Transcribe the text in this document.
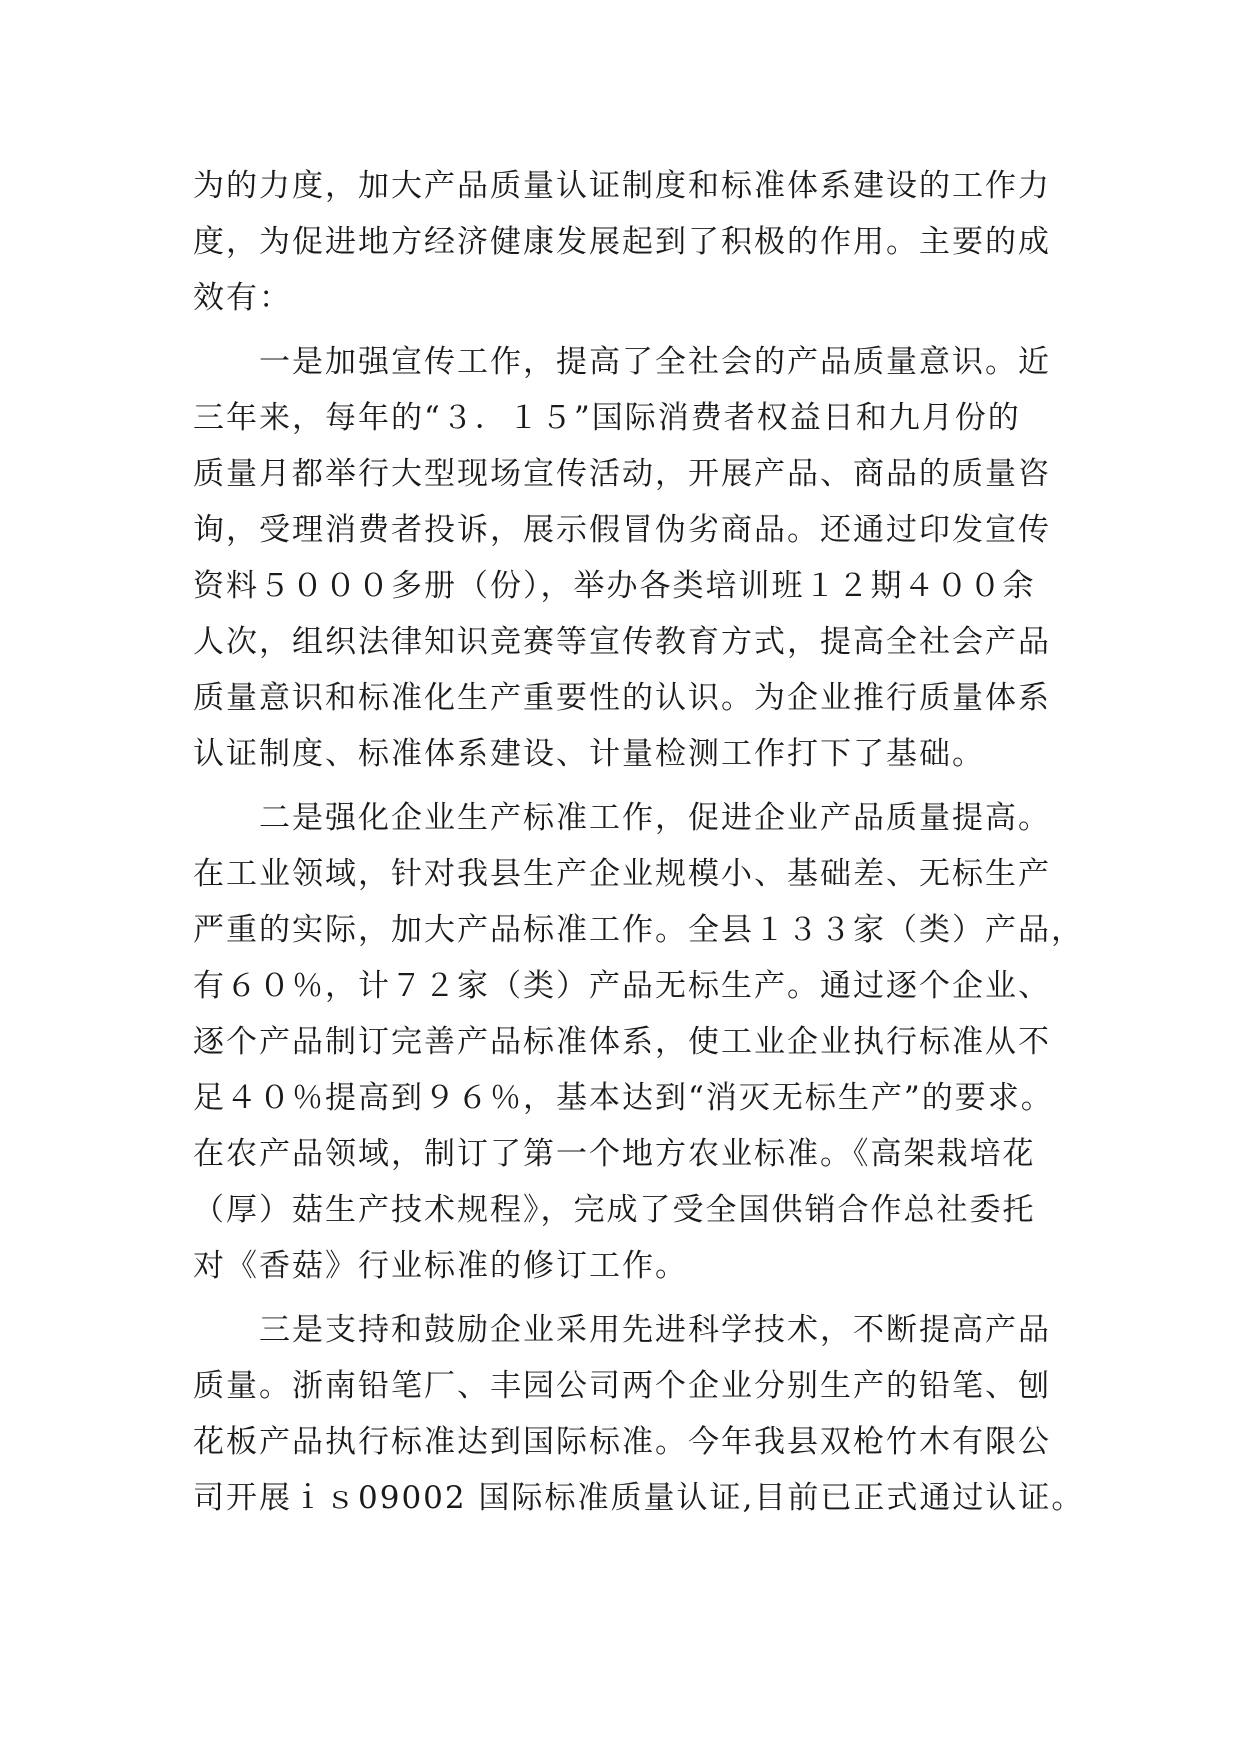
为的力度，加大产品质量认证制度和标准体系建设的工作力
度，为促进地方经济健康发展起到了积极的作用。主要的成
效有：
　　一是加强宣传工作，提高了全社会的产品质量意识。近
三年来，每年的“３．１５”国际消费者权益日和九月份的
质量月都举行大型现场宣传活动，开展产品、商品的质量咨
询，受理消费者投诉，展示假冒伪劣商品。还通过印发宣传
资料５０００多册（份），举办各类培训班１２期４００余
人次，组织法律知识竞赛等宣传教育方式，提高全社会产品
质量意识和标准化生产重要性的认识。为企业推行质量体系
认证制度、标准体系建设、计量检测工作打下了基础。
　　二是强化企业生产标准工作，促进企业产品质量提高。
在工业领域，针对我县生产企业规模小、基础差、无标生产
严重的实际，加大产品标准工作。全县１３３家（类）产品，
有６０％，计７２家（类）产品无标生产。通过逐个企业、
逐个产品制订完善产品标准体系，使工业企业执行标准从不
足４０％提高到９６％，基本达到“消灭无标生产”的要求。
在农产品领域，制订了第一个地方农业标准。《高架栽培花
（厚）菇生产技术规程》，完成了受全国供销合作总社委托
对《香菇》行业标准的修订工作。
　　三是支持和鼓励企业采用先进科学技术，不断提高产品
质量。浙南铅笔厂、丰园公司两个企业分别生产的铅笔、刨
花板产品执行标准达到国际标准。今年我县双枪竹木有限公
司开展ｉｓ09002 国际标准质量认证,目前已正式通过认证。
